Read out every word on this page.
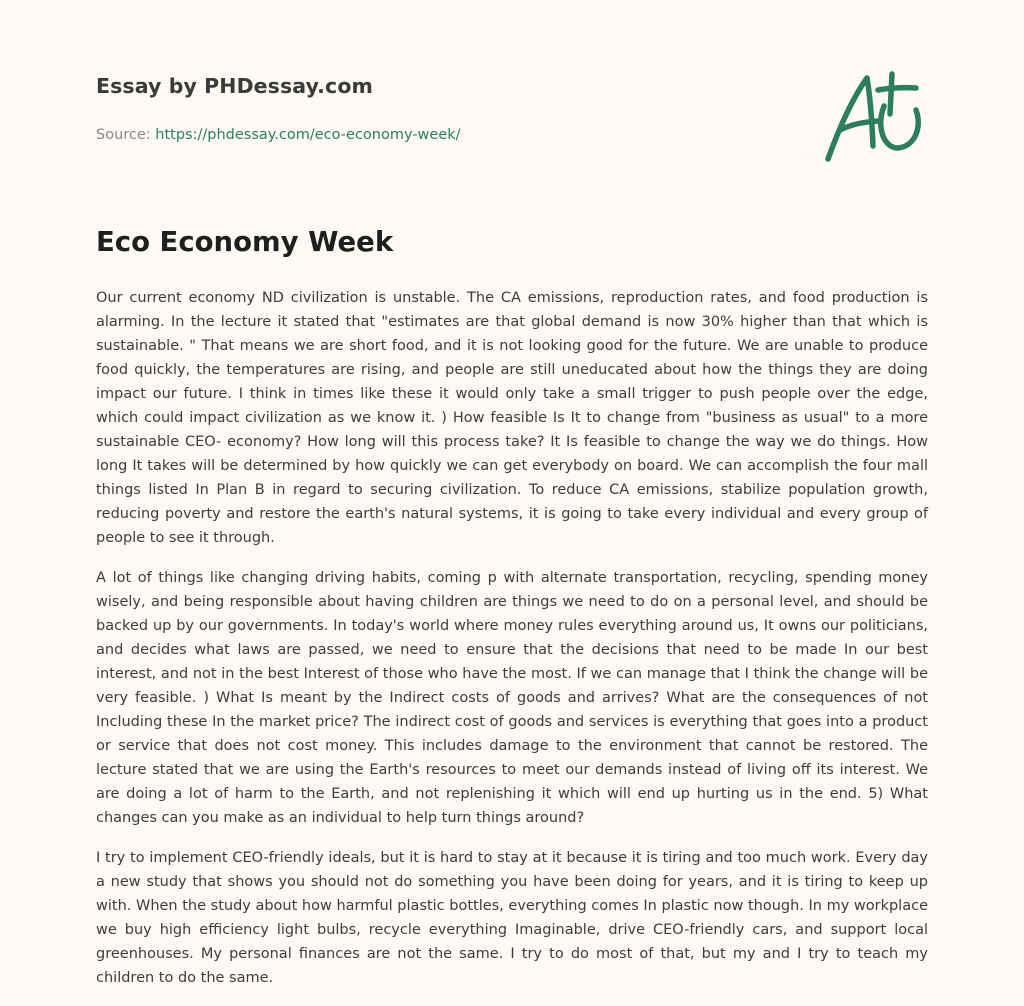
Essay by PHDessay.com
Source: https://phdessay.com/eco-economy-week/
Eco Economy Week

Our current economy ND civilization is unstable. The CA emissions, reproduction rates, and food production is alarming. In the lecture it stated that "estimates are that global demand is now 30% higher than that which is sustainable. " That means we are short food, and it is not looking good for the future. We are unable to produce food quickly, the temperatures are rising, and people are still uneducated about how the things they are doing impact our future. I think in times like these it would only take a small trigger to push people over the edge, which could impact civilization as we know it. ) How feasible Is It to change from "business as usual" to a more sustainable CEO- economy? How long will this process take? It Is feasible to change the way we do things. How long It takes will be determined by how quickly we can get everybody on board. We can accomplish the four mall things listed In Plan B in regard to securing civilization. To reduce CA emissions, stabilize population growth, reducing poverty and restore the earth's natural systems, it is going to take every individual and every group of people to see it through.

A lot of things like changing driving habits, coming p with alternate transportation, recycling, spending money wisely, and being responsible about having children are things we need to do on a personal level, and should be backed up by our governments. In today's world where money rules everything around us, It owns our politicians, and decides what laws are passed, we need to ensure that the decisions that need to be made In our best interest, and not in the best Interest of those who have the most. If we can manage that I think the change will be very feasible. ) What Is meant by the Indirect costs of goods and arrives? What are the consequences of not Including these In the market price? The indirect cost of goods and services is everything that goes into a product or service that does not cost money. This includes damage to the environment that cannot be restored. The lecture stated that we are using the Earth's resources to meet our demands instead of living off its interest. We are doing a lot of harm to the Earth, and not replenishing it which will end up hurting us in the end. 5) What changes can you make as an individual to help turn things around?

I try to implement CEO-friendly ideals, but it is hard to stay at it because it is tiring and too much work. Every day a new study that shows you should not do something you have been doing for years, and it is tiring to keep up with. When the study about how harmful plastic bottles, everything comes In plastic now though. In my workplace we buy high efficiency light bulbs, recycle everything Imaginable, drive CEO-friendly cars, and support local greenhouses. My personal finances are not the same. I try to do most of that, but my and I try to teach my children to do the same.
